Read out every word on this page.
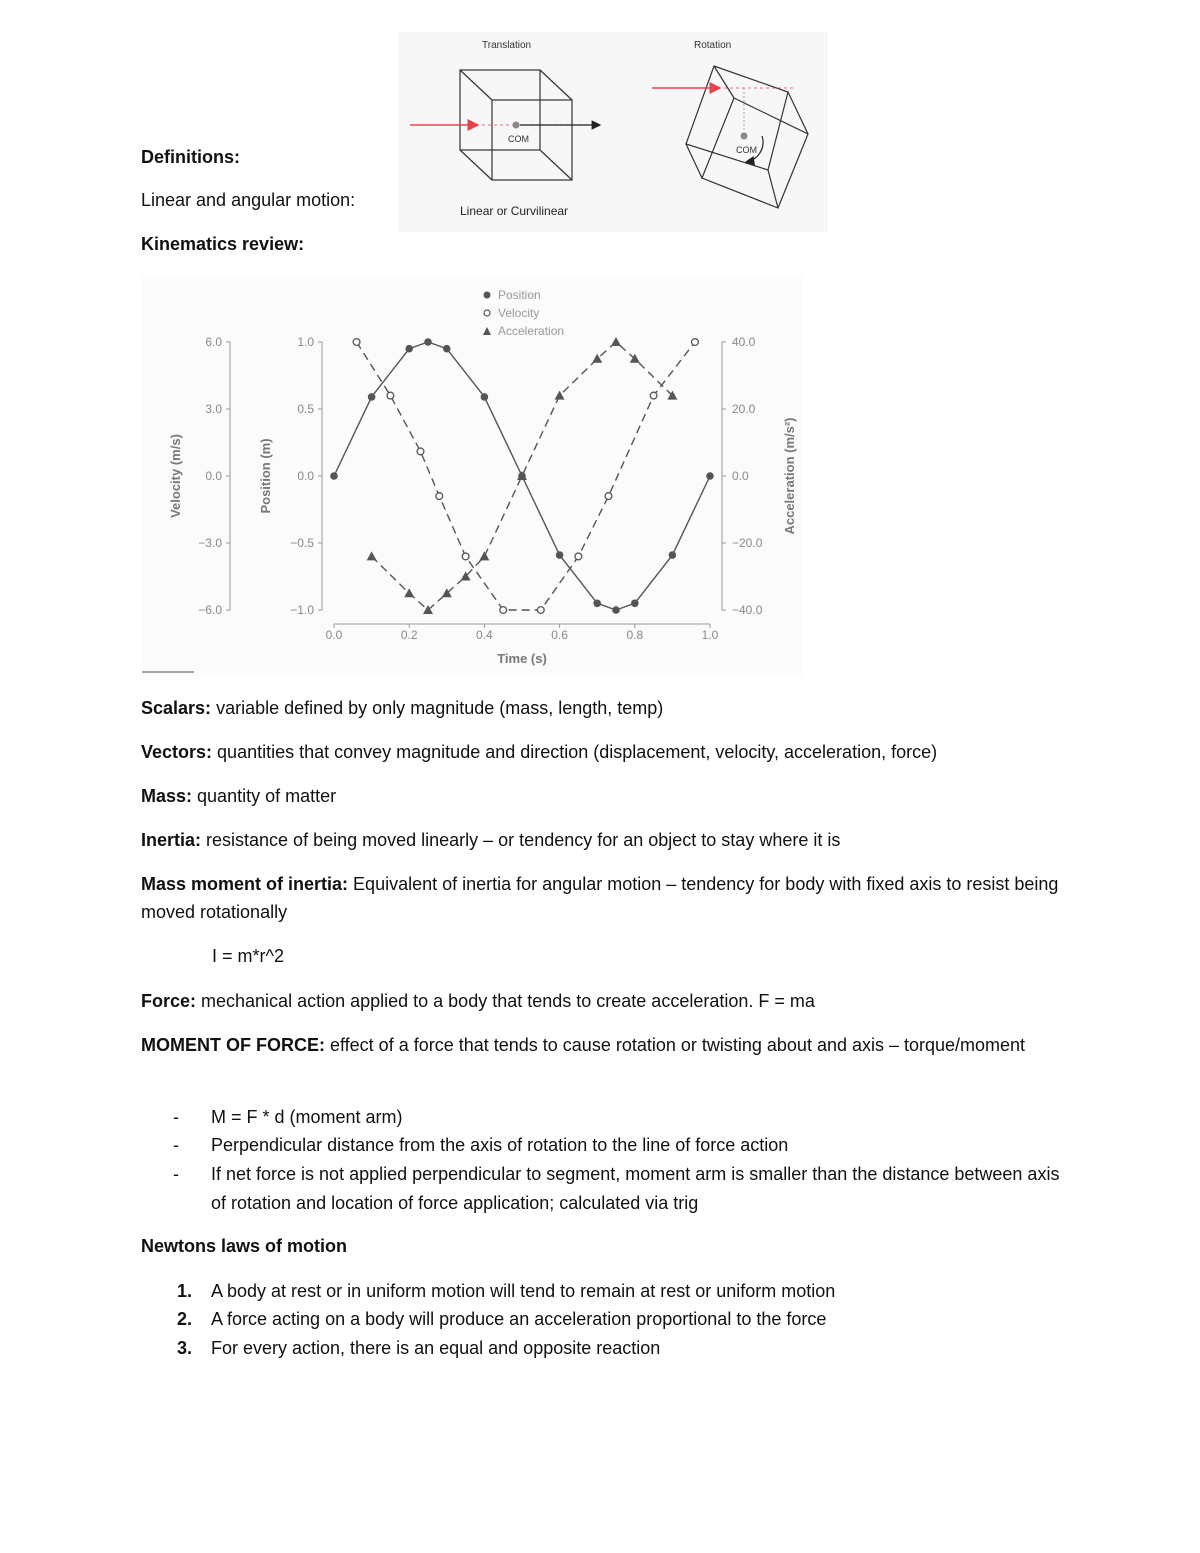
Translation	Rotation
COM
Linear or Curvilinear
COM
Definitions:
Linear and angular motion:
Kinematics review:
Position
Velocity
Acceleration
6.0
3.0
0.0
−3.0
−6.0
1.0
0.5
0.0
−0.5
−1.0
40.0
20.0
0.0
−20.0
−40.0
0.0	0.2	0.4	0.6	0.8	1.0
Velocity (m/s)	Position (m)	Acceleration (m/s²)
Time (s)
Scalars: variable defined by only magnitude (mass, length, temp)
Vectors: quantities that convey magnitude and direction (displacement, velocity, acceleration, force)
Mass: quantity of matter
Inertia: resistance of being moved linearly – or tendency for an object to stay where it is
Mass moment of inertia: Equivalent of inertia for angular motion – tendency for body with fixed axis to resist being moved rotationally
I = m*r^2
Force: mechanical action applied to a body that tends to create acceleration. F = ma
MOMENT OF FORCE: effect of a force that tends to cause rotation or twisting about and axis – torque/moment
- M = F * d (moment arm)
- Perpendicular distance from the axis of rotation to the line of force action
- If net force is not applied perpendicular to segment, moment arm is smaller than the distance between axis of rotation and location of force application; calculated via trig
Newtons laws of motion
1. A body at rest or in uniform motion will tend to remain at rest or uniform motion
2. A force acting on a body will produce an acceleration proportional to the force
3. For every action, there is an equal and opposite reaction
